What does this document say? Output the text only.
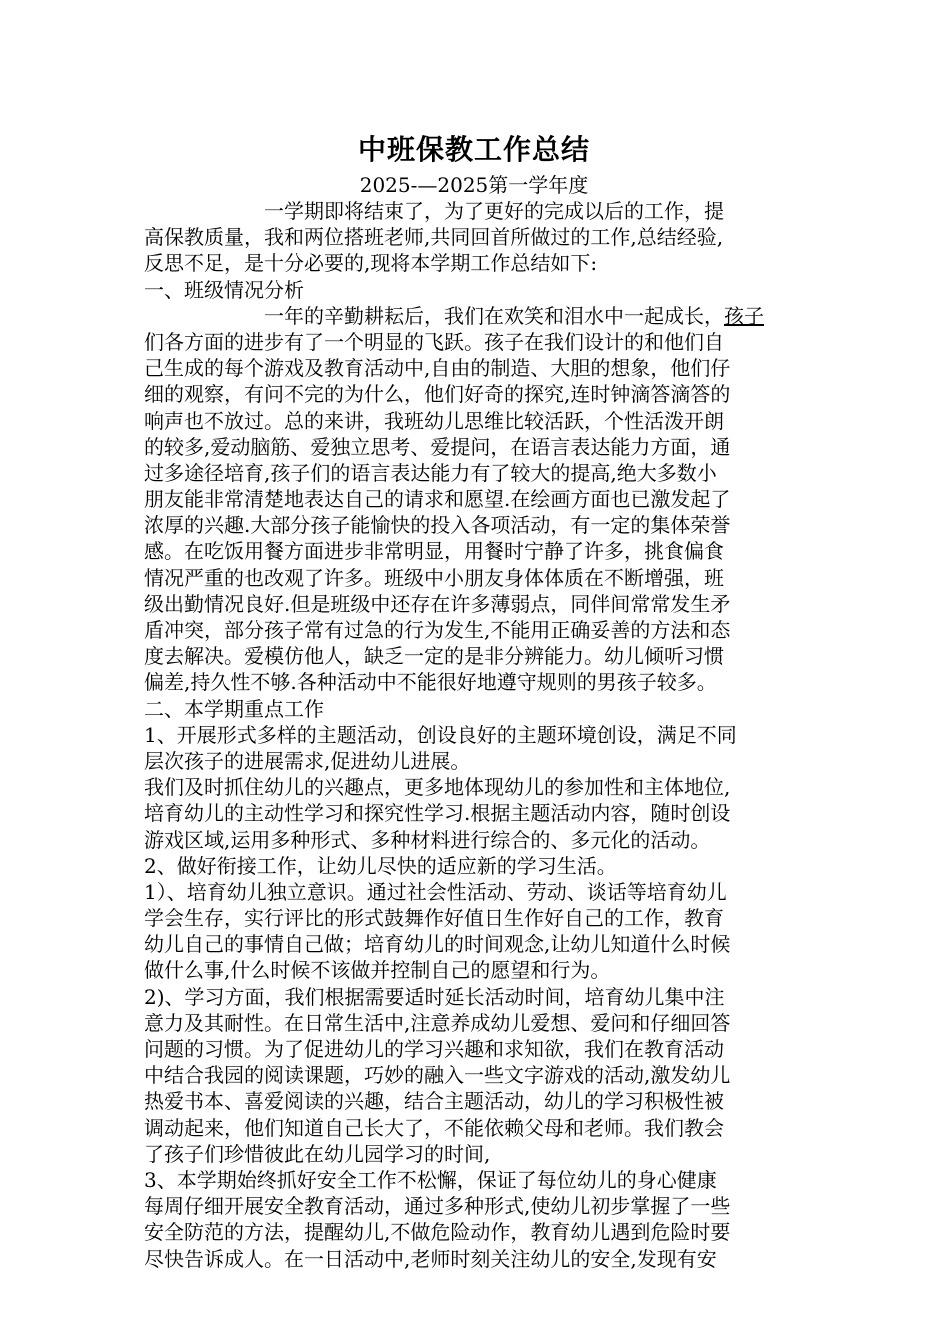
中班保教工作总结
2025-—2025第一学年度
一学期即将结束了，为了更好的完成以后的工作，提
高保教质量，我和两位搭班老师,共同回首所做过的工作,总结经验,
反思不足，是十分必要的,现将本学期工作总结如下:
一、班级情况分析
一年的辛勤耕耘后，我们在欢笑和泪水中一起成长，孩子
们各方面的进步有了一个明显的飞跃。孩子在我们设计的和他们自
己生成的每个游戏及教育活动中,自由的制造、大胆的想象，他们仔
细的观察，有问不完的为什么，他们好奇的探究,连时钟滴答滴答的
响声也不放过。总的来讲，我班幼儿思维比较活跃，个性活泼开朗
的较多,爱动脑筋、爱独立思考、爱提问，在语言表达能力方面，通
过多途径培育,孩子们的语言表达能力有了较大的提高,绝大多数小
朋友能非常清楚地表达自己的请求和愿望.在绘画方面也已激发起了
浓厚的兴趣.大部分孩子能愉快的投入各项活动，有一定的集体荣誉
感。在吃饭用餐方面进步非常明显，用餐时宁静了许多，挑食偏食
情况严重的也改观了许多。班级中小朋友身体体质在不断增强，班
级出勤情况良好.但是班级中还存在许多薄弱点，同伴间常常发生矛
盾冲突，部分孩子常有过急的行为发生,不能用正确妥善的方法和态
度去解决。爱模仿他人，缺乏一定的是非分辨能力。幼儿倾听习惯
偏差,持久性不够.各种活动中不能很好地遵守规则的男孩子较多。
二、本学期重点工作
1、开展形式多样的主题活动，创设良好的主题环境创设，满足不同
层次孩子的进展需求,促进幼儿进展。
我们及时抓住幼儿的兴趣点，更多地体现幼儿的参加性和主体地位,
培育幼儿的主动性学习和探究性学习.根据主题活动内容，随时创设
游戏区域,运用多种形式、多种材料进行综合的、多元化的活动。
2、做好衔接工作，让幼儿尽快的适应新的学习生活。
1）、培育幼儿独立意识。通过社会性活动、劳动、谈话等培育幼儿
学会生存，实行评比的形式鼓舞作好值日生作好自己的工作，教育
幼儿自己的事情自己做；培育幼儿的时间观念,让幼儿知道什么时候
做什么事,什么时候不该做并控制自己的愿望和行为。
2)、学习方面，我们根据需要适时延长活动时间，培育幼儿集中注
意力及其耐性。在日常生活中,注意养成幼儿爱想、爱问和仔细回答
问题的习惯。为了促进幼儿的学习兴趣和求知欲，我们在教育活动
中结合我园的阅读课题，巧妙的融入一些文字游戏的活动,激发幼儿
热爱书本、喜爱阅读的兴趣，结合主题活动，幼儿的学习积极性被
调动起来，他们知道自己长大了，不能依赖父母和老师。我们教会
了孩子们珍惜彼此在幼儿园学习的时间,
3、本学期始终抓好安全工作不松懈，保证了每位幼儿的身心健康
每周仔细开展安全教育活动，通过多种形式,使幼儿初步掌握了一些
安全防范的方法，提醒幼儿,不做危险动作，教育幼儿遇到危险时要
尽快告诉成人。在一日活动中,老师时刻关注幼儿的安全,发现有安
